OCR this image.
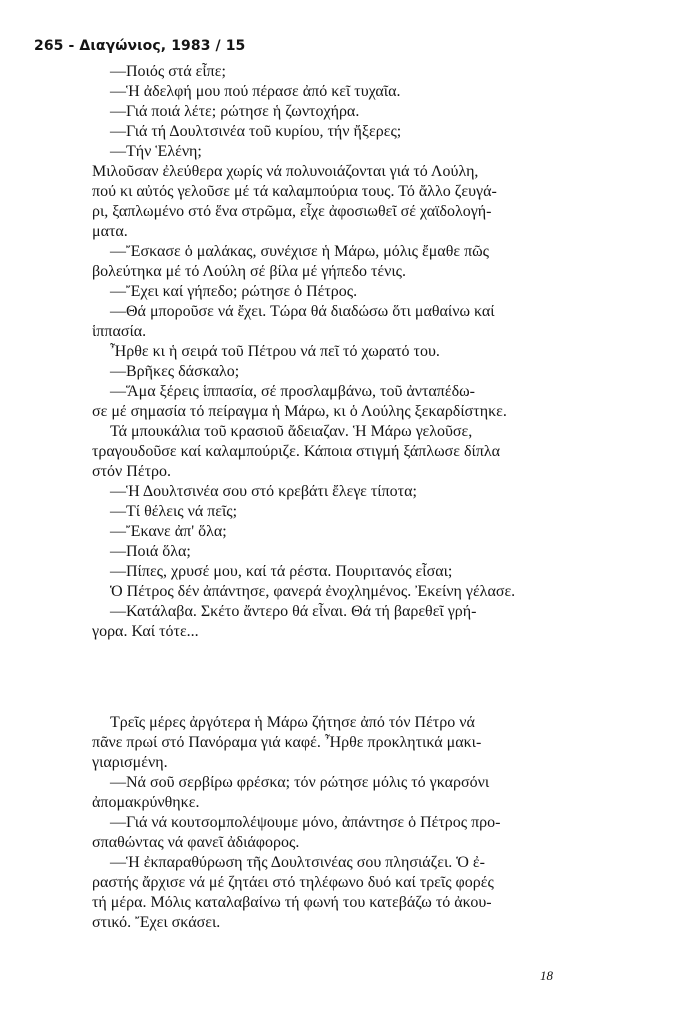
265 - Διαγώνιος, 1983 / 15
—Ποιός στά εἶπε;
—Ἡ ἀδελφή μου πού πέρασε ἀπό κεῖ τυχαῖα.
—Γιά ποιά λέτε; ρώτησε ἡ ζωντοχήρα.
—Γιά τή Δουλτσινέα τοῦ κυρίου, τήν ἤξερες;
—Τήν Ἑλένη;
Μιλοῦσαν ἐλεύθερα χωρίς νά πολυνοιάζονται γιά τό Λούλη,
πού κι αὐτός γελοῦσε μέ τά καλαμπούρια τους. Τό ἄλλο ζευγά-
ρι, ξαπλωμένο στό ἕνα στρῶμα, εἶχε ἀφοσιωθεῖ σέ χαϊδολογή-
ματα.
—Ἔσκασε ὁ μαλάκας, συνέχισε ἡ Μάρω, μόλις ἔμαθε πῶς
βολεύτηκα μέ τό Λούλη σέ βίλα μέ γήπεδο τένις.
—Ἔχει καί γήπεδο; ρώτησε ὁ Πέτρος.
—Θά μποροῦσε νά ἔχει. Τώρα θά διαδώσω ὅτι μαθαίνω καί
ἱππασία.
Ἦρθε κι ἡ σειρά τοῦ Πέτρου νά πεῖ τό χωρατό του.
—Βρῆκες δάσκαλο;
—Ἅμα ξέρεις ἱππασία, σέ προσλαμβάνω, τοῦ ἀνταπέδω-
σε μέ σημασία τό πείραγμα ἡ Μάρω, κι ὁ Λούλης ξεκαρδίστηκε.
Τά μπουκάλια τοῦ κρασιοῦ ἄδειαζαν. Ἡ Μάρω γελοῦσε,
τραγουδοῦσε καί καλαμπούριζε. Κάποια στιγμή ξάπλωσε δίπλα
στόν Πέτρο.
—Ἡ Δουλτσινέα σου στό κρεβάτι ἔλεγε τίποτα;
—Τί θέλεις νά πεῖς;
—Ἔκανε ἀπ' ὅλα;
—Ποιά ὅλα;
—Πίπες, χρυσέ μου, καί τά ρέστα. Πουριτανός εἶσαι;
Ὁ Πέτρος δέν ἀπάντησε, φανερά ἐνοχλημένος. Ἐκείνη γέλασε.
—Κατάλαβα. Σκέτο ἄντερο θά εἶναι. Θά τή βαρεθεῖ γρή-
γορα. Καί τότε...
Τρεῖς μέρες ἀργότερα ἡ Μάρω ζήτησε ἀπό τόν Πέτρο νά
πᾶνε πρωί στό Πανόραμα γιά καφέ. Ἦρθε προκλητικά μακι-
γιαρισμένη.
—Νά σοῦ σερβίρω φρέσκα; τόν ρώτησε μόλις τό γκαρσόνι
ἀπομακρύνθηκε.
—Γιά νά κουτσομπολέψουμε μόνο, ἀπάντησε ὁ Πέτρος προ-
σπαθώντας νά φανεῖ ἀδιάφορος.
—Ἡ ἐκπαραθύρωση τῆς Δουλτσινέας σου πλησιάζει. Ὁ ἐ-
ραστής ἄρχισε νά μέ ζητάει στό τηλέφωνο δυό καί τρεῖς φορές
τή μέρα. Μόλις καταλαβαίνω τή φωνή του κατεβάζω τό ἀκου-
στικό. Ἔχει σκάσει.
18
